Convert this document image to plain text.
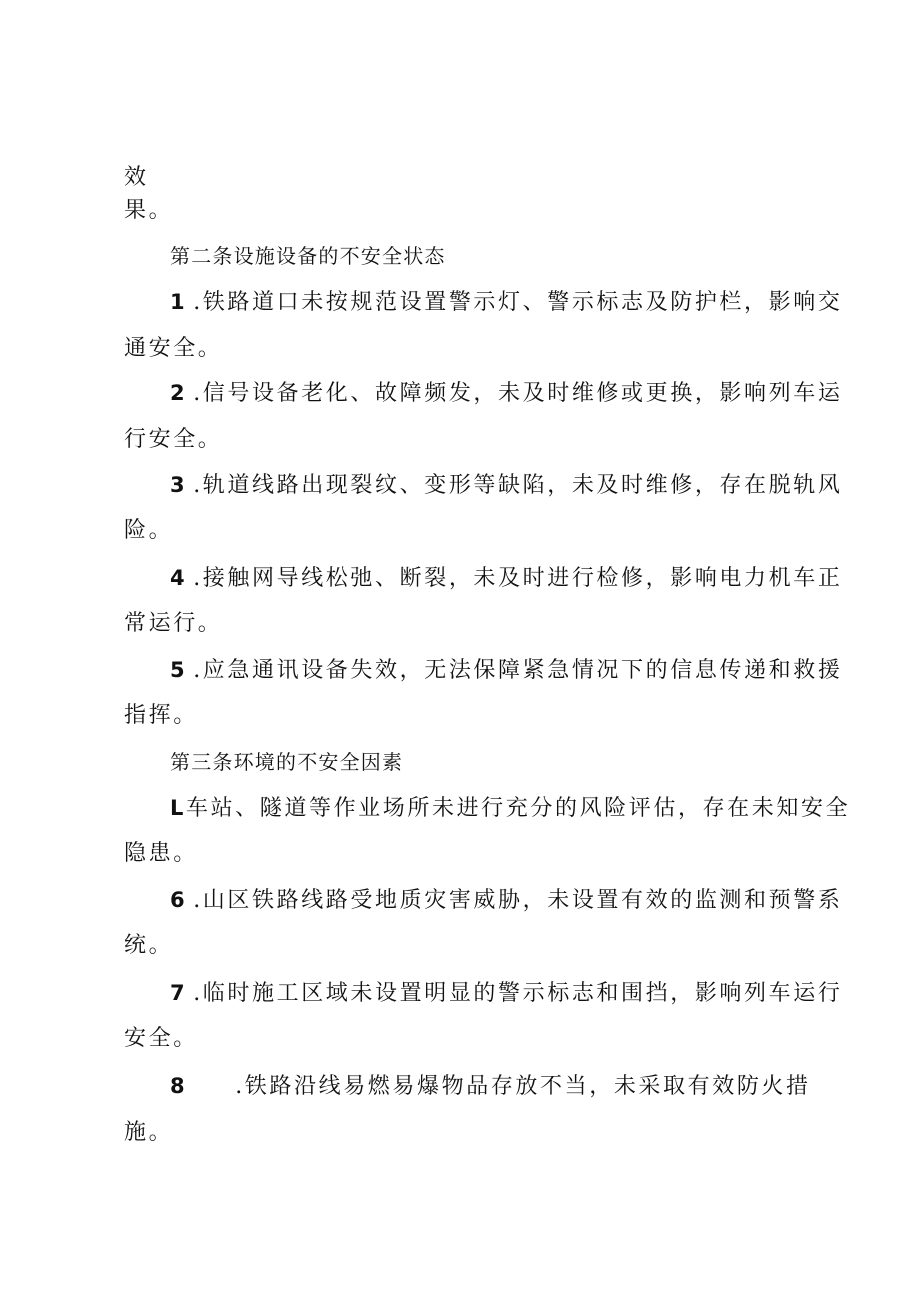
效
果。
第二条设施设备的不安全状态
1 .铁路道口未按规范设置警示灯、警示标志及防护栏，影响交
通安全。
2 .信号设备老化、故障频发，未及时维修或更换，影响列车运
行安全。
3 .轨道线路出现裂纹、变形等缺陷，未及时维修，存在脱轨风
险。
4 .接触网导线松弛、断裂，未及时进行检修，影响电力机车正
常运行。
5 .应急通讯设备失效，无法保障紧急情况下的信息传递和救援
指挥。
第三条环境的不安全因素
L车站、隧道等作业场所未进行充分的风险评估，存在未知安全
隐患。
6 .山区铁路线路受地质灾害威胁，未设置有效的监测和预警系
统。
7 .临时施工区域未设置明显的警示标志和围挡，影响列车运行
安全。
8 .铁路沿线易燃易爆物品存放不当，未采取有效防火措
施。
